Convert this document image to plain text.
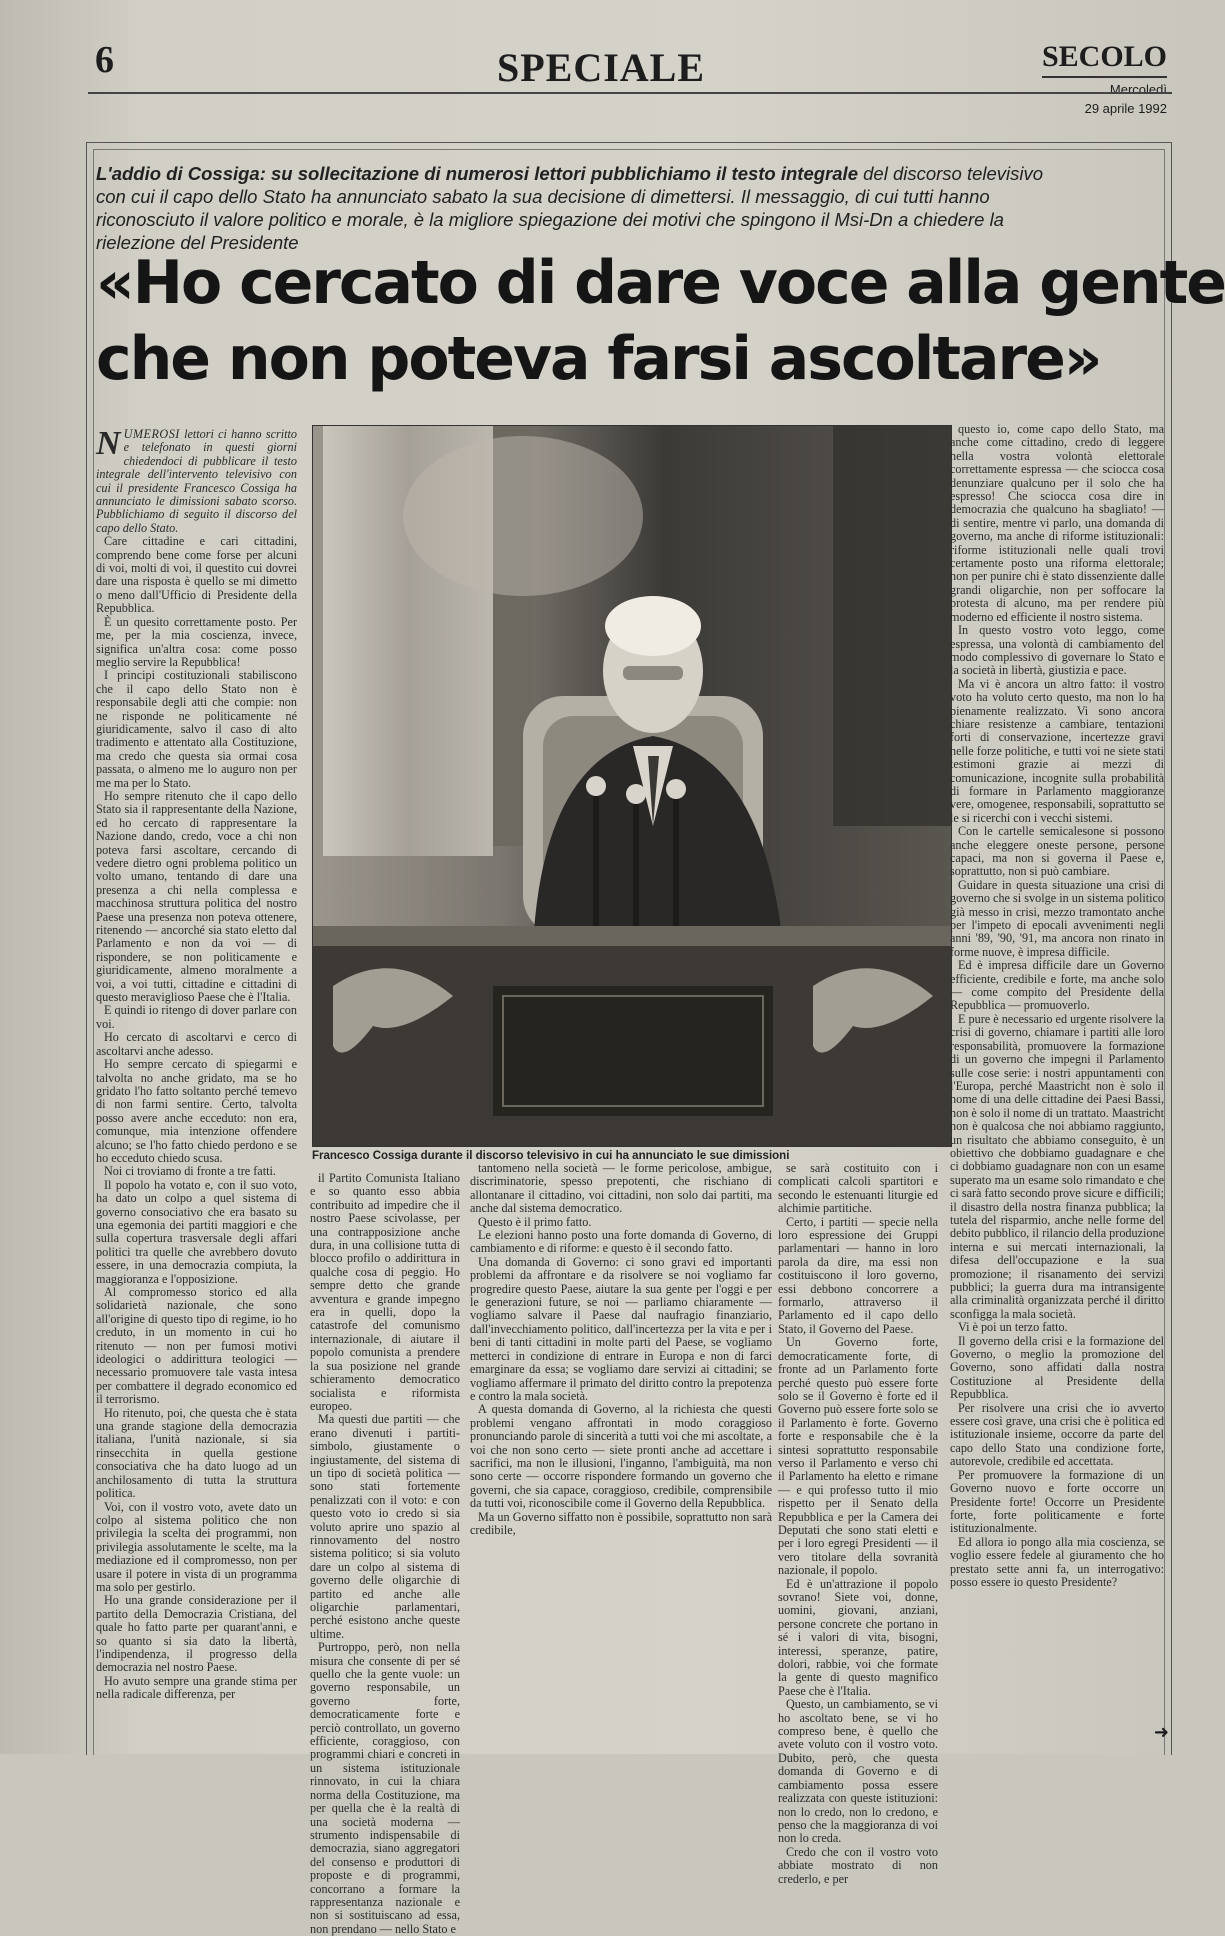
6	SPECIALE	SECOLO
Mercoledì
29 aprile 1992
L'addio di Cossiga: su sollecitazione di numerosi lettori pubblichiamo il testo integrale del discorso televisivo con cui il capo dello Stato ha annunciato sabato la sua decisione di dimettersi. Il messaggio, di cui tutti hanno riconosciuto il valore politico e morale, è la migliore spiegazione dei motivi che spingono il Msi-Dn a chiedere la rielezione del Presidente
«Ho cercato di dare voce alla gente
che non poteva farsi ascoltare»

NUMEROSI lettori ci hanno scritto e telefonato in questi giorni chiedendoci di pubblicare il testo integrale dell'intervento televisivo con cui il presidente Francesco Cossiga ha annunciato le dimissioni sabato scorso. Pubblichiamo di seguito il discorso del capo dello Stato.

Care cittadine e cari cittadini, comprendo bene come forse per alcuni di voi, molti di voi, il questito cui dovrei dare una risposta è quello se mi dimetto o meno dall'Ufficio di Presidente della Repubblica.

È un quesito correttamente posto. Per me, per la mia coscienza, invece, significa un'altra cosa: come posso meglio servire la Repubblica!

I principi costituzionali stabiliscono che il capo dello Stato non è responsabile degli atti che compie: non ne risponde ne politicamente né giuridicamente, salvo il caso di alto tradimento e attentato alla Costituzione, ma credo che questa sia ormai cosa passata, o almeno me lo auguro non per me ma per lo Stato.

Ho sempre ritenuto che il capo dello Stato sia il rappresentante della Nazione, ed ho cercato di rappresentare la Nazione dando, credo, voce a chi non poteva farsi ascoltare, cercando di vedere dietro ogni problema politico un volto umano, tentando di dare una presenza a chi nella complessa e macchinosa struttura politica del nostro Paese una presenza non poteva ottenere, ritenendo — ancorché sia stato eletto dal Parlamento e non da voi — di rispondere, se non politicamente e giuridicamente, almeno moralmente a voi, a voi tutti, cittadine e cittadini di questo meraviglioso Paese che è l'Italia.

E quindi io ritengo di dover parlare con voi.

Ho cercato di ascoltarvi e cerco di ascoltarvi anche adesso.

Ho sempre cercato di spiegarmi e talvolta no anche gridato, ma se ho gridato l'ho fatto soltanto perché temevo di non farmi sentire. Certo, talvolta posso avere anche ecceduto: non era, comunque, mia intenzione offendere alcuno; se l'ho fatto chiedo perdono e se ho ecceduto chiedo scusa.

Noi ci troviamo di fronte a tre fatti.

Il popolo ha votato e, con il suo voto, ha dato un colpo a quel sistema di governo consociativo che era basato su una egemonia dei partiti maggiori e che sulla copertura trasversale degli affari politici tra quelle che avrebbero dovuto essere, in una democrazia compiuta, la maggioranza e l'opposizione.

Al compromesso storico ed alla solidarietà nazionale, che sono all'origine di questo tipo di regime, io ho creduto, in un momento in cui ho ritenuto — non per fumosi motivi ideologici o addirittura teologici — necessario promuovere tale vasta intesa per combattere il degrado economico ed il terrorismo.

Ho ritenuto, poi, che questa che è stata una grande stagione della democrazia italiana, l'unità nazionale, si sia rinsecchita in quella gestione consociativa che ha dato luogo ad un anchilosamento di tutta la struttura politica.

Voi, con il vostro voto, avete dato un colpo al sistema politico che non privilegia la scelta dei programmi, non privilegia assolutamente le scelte, ma la mediazione ed il compromesso, non per usare il potere in vista di un programma ma solo per gestirlo.

Ho una grande considerazione per il partito della Democrazia Cristiana, del quale ho fatto parte per quarant'anni, e so quanto si sia dato la libertà, l'indipendenza, il progresso della democrazia nel nostro Paese.

Ho avuto sempre una grande stima per nella radicale differenza, per

Francesco Cossiga durante il discorso televisivo in cui ha annunciato le sue dimissioni

questo io, come capo dello Stato, ma anche come cittadino, credo di leggere nella vostra volontà elettorale correttamente espressa — che sciocca cosa denunziare qualcuno per il solo che ha espresso! Che sciocca cosa dire in democrazia che qualcuno ha sbagliato! — di sentire, mentre vi parlo, una domanda di governo, ma anche di riforme istituzionali: riforme istituzionali nelle quali trovi certamente posto una riforma elettorale; non per punire chi è stato dissenziente dalle grandi oligarchie, non per soffocare la protesta di alcuno, ma per rendere più moderno ed efficiente il nostro sistema.

In questo vostro voto leggo, come espressa, una volontà di cambiamento del modo complessivo di governare lo Stato e la società in libertà, giustizia e pace.

Ma vi è ancora un altro fatto: il vostro voto ha voluto certo questo, ma non lo ha pienamente realizzato. Vi sono ancora chiare resistenze a cambiare, tentazioni forti di conservazione, incertezze gravi nelle forze politiche, e tutti voi ne siete stati testimoni grazie ai mezzi di comunicazione, incognite sulla probabilità di formare in Parlamento maggioranze vere, omogenee, responsabili, soprattutto se le si ricerchi con i vecchi sistemi.

Con le cartelle semicalesone si possono anche eleggere oneste persone, persone capaci, ma non si governa il Paese e, soprattutto, non si può cambiare.

Guidare in questa situazione una crisi di governo che si svolge in un sistema politico già messo in crisi, mezzo tramontato anche per l'impeto di epocali avvenimenti negli anni '89, '90, '91, ma ancora non rinato in forme nuove, è impresa difficile.

Ed è impresa difficile dare un Governo efficiente, credibile e forte, ma anche solo — come compito del Presidente della Repubblica — promuoverlo.

E pure è necessario ed urgente risolvere la crisi di governo, chiamare i partiti alle loro responsabilità, promuovere la formazione di un governo che impegni il Parlamento sulle cose serie: i nostri appuntamenti con l'Europa, perché Maastricht non è solo il nome di una delle cittadine dei Paesi Bassi, non è solo il nome di un trattato. Maastricht non è qualcosa che noi abbiamo raggiunto, un risultato che abbiamo conseguito, è un obiettivo che dobbiamo guadagnare e che ci dobbiamo guadagnare non con un esame superato ma un esame solo rimandato e che ci sarà fatto secondo prove sicure e difficili; il disastro della nostra finanza pubblica; la tutela del risparmio, anche nelle forme del debito pubblico, il rilancio della produzione interna e sui mercati internazionali, la difesa dell'occupazione e la sua promozione; il risanamento dei servizi pubblici; la guerra dura ma intransigente alla criminalità organizzata perché il diritto sconfigga la mala società.

Vi è poi un terzo fatto.

Il governo della crisi e la formazione del Governo, o meglio la promozione del Governo, sono affidati dalla nostra Costituzione al Presidente della Repubblica.

Per risolvere una crisi che io avverto essere così grave, una crisi che è politica ed istituzionale insieme, occorre da parte del capo dello Stato una condizione forte, autorevole, credibile ed accettata.

Per promuovere la formazione di un Governo nuovo e forte occorre un Presidente forte! Occorre un Presidente forte, forte politicamente e forte istituzionalmente.

Ed allora io pongo alla mia coscienza, se voglio essere fedele al giuramento che ho prestato sette anni fa, un interrogativo: posso essere io questo Presidente?

il Partito Comunista Italiano e so quanto esso abbia contribuito ad impedire che il nostro Paese scivolasse, per una contrapposizione anche dura, in una collisione tutta di blocco profilo o addirittura in qualche cosa di peggio. Ho sempre detto che grande avventura e grande impegno era in quelli, dopo la catastrofe del comunismo internazionale, di aiutare il popolo comunista a prendere la sua posizione nel grande schieramento democratico socialista e riformista europeo.

Ma questi due partiti — che erano divenuti i partiti-simbolo, giustamente o ingiustamente, del sistema di un tipo di società politica — sono stati fortemente penalizzati con il voto: e con questo voto io credo si sia voluto aprire uno spazio al rinnovamento del nostro sistema politico; si sia voluto dare un colpo al sistema di governo delle oligarchie di partito ed anche alle oligarchie parlamentari, perché esistono anche queste ultime.

Purtroppo, però, non nella misura che consente di per sé quello che la gente vuole: un governo responsabile, un governo forte, democraticamente forte e perciò controllato, un governo efficiente, coraggioso, con programmi chiari e concreti in un sistema istituzionale rinnovato, in cui la chiara norma della Costituzione, ma per quella che è la realtà di una società moderna — strumento indispensabile di democrazia, siano aggregatori del consenso e produttori di proposte e di programmi, concorrano a formare la rappresentanza nazionale e non si sostituiscano ad essa, non prendano — nello Stato e

tantomeno nella società — le forme pericolose, ambigue, discriminatorie, spesso prepotenti, che rischiano di allontanare il cittadino, voi cittadini, non solo dai partiti, ma anche dal sistema democratico.

Questo è il primo fatto.

Le elezioni hanno posto una forte domanda di Governo, di cambiamento e di riforme: e questo è il secondo fatto.

Una domanda di Governo: ci sono gravi ed importanti problemi da affrontare e da risolvere se noi vogliamo far progredire questo Paese, aiutare la sua gente per l'oggi e per le generazioni future, se noi — parliamo chiaramente — vogliamo salvare il Paese dal naufragio finanziario, dall'invecchiamento politico, dall'incertezza per la vita e per i beni di tanti cittadini in molte parti del Paese, se vogliamo metterci in condizione di entrare in Europa e non di farci emarginare da essa; se vogliamo dare servizi ai cittadini; se vogliamo affermare il primato del diritto contro la prepotenza e contro la mala società.

A questa domanda di Governo, al la richiesta che questi problemi vengano affrontati in modo coraggioso pronunciando parole di sincerità a tutti voi che mi ascoltate, a voi che non sono certo — siete pronti anche ad accettare i sacrifici, ma non le illusioni, l'inganno, l'ambiguità, ma non sono certe — occorre rispondere formando un governo che governi, che sia capace, coraggioso, credibile, comprensibile da tutti voi, riconoscibile come il Governo della Repubblica.

Ma un Governo siffatto non è possibile, soprattutto non sarà credibile,

se sarà costituito con i complicati calcoli spartitori e secondo le estenuanti liturgie ed alchimie partitiche.

Certo, i partiti — specie nella loro espressione dei Gruppi parlamentari — hanno in loro parola da dire, ma essi non costituiscono il loro governo, essi debbono concorrere a formarlo, attraverso il Parlamento ed il capo dello Stato, il Governo del Paese.

Un Governo forte, democraticamente forte, di fronte ad un Parlamento forte perché questo può essere forte solo se il Governo è forte ed il Governo può essere forte solo se il Parlamento è forte. Governo forte e responsabile che è la sintesi soprattutto responsabile verso il Parlamento e verso chi il Parlamento ha eletto e rimane — e qui professo tutto il mio rispetto per il Senato della Repubblica e per la Camera dei Deputati che sono stati eletti e per i loro egregi Presidenti — il vero titolare della sovranità nazionale, il popolo.

Ed è un'attrazione il popolo sovrano! Siete voi, donne, uomini, giovani, anziani, persone concrete che portano in sé i valori di vita, bisogni, interessi, speranze, patire, dolori, rabbie, voi che formate la gente di questo magnifico Paese che è l'Italia.

Questo, un cambiamento, se vi ho ascoltato bene, se vi ho compreso bene, è quello che avete voluto con il vostro voto. Dubito, però, che questa domanda di Governo e di cambiamento possa essere realizzata con queste istituzioni: non lo credo, non lo credono, e penso che la maggioranza di voi non lo creda.

Credo che con il vostro voto abbiate mostrato di non crederlo, e per

➜
